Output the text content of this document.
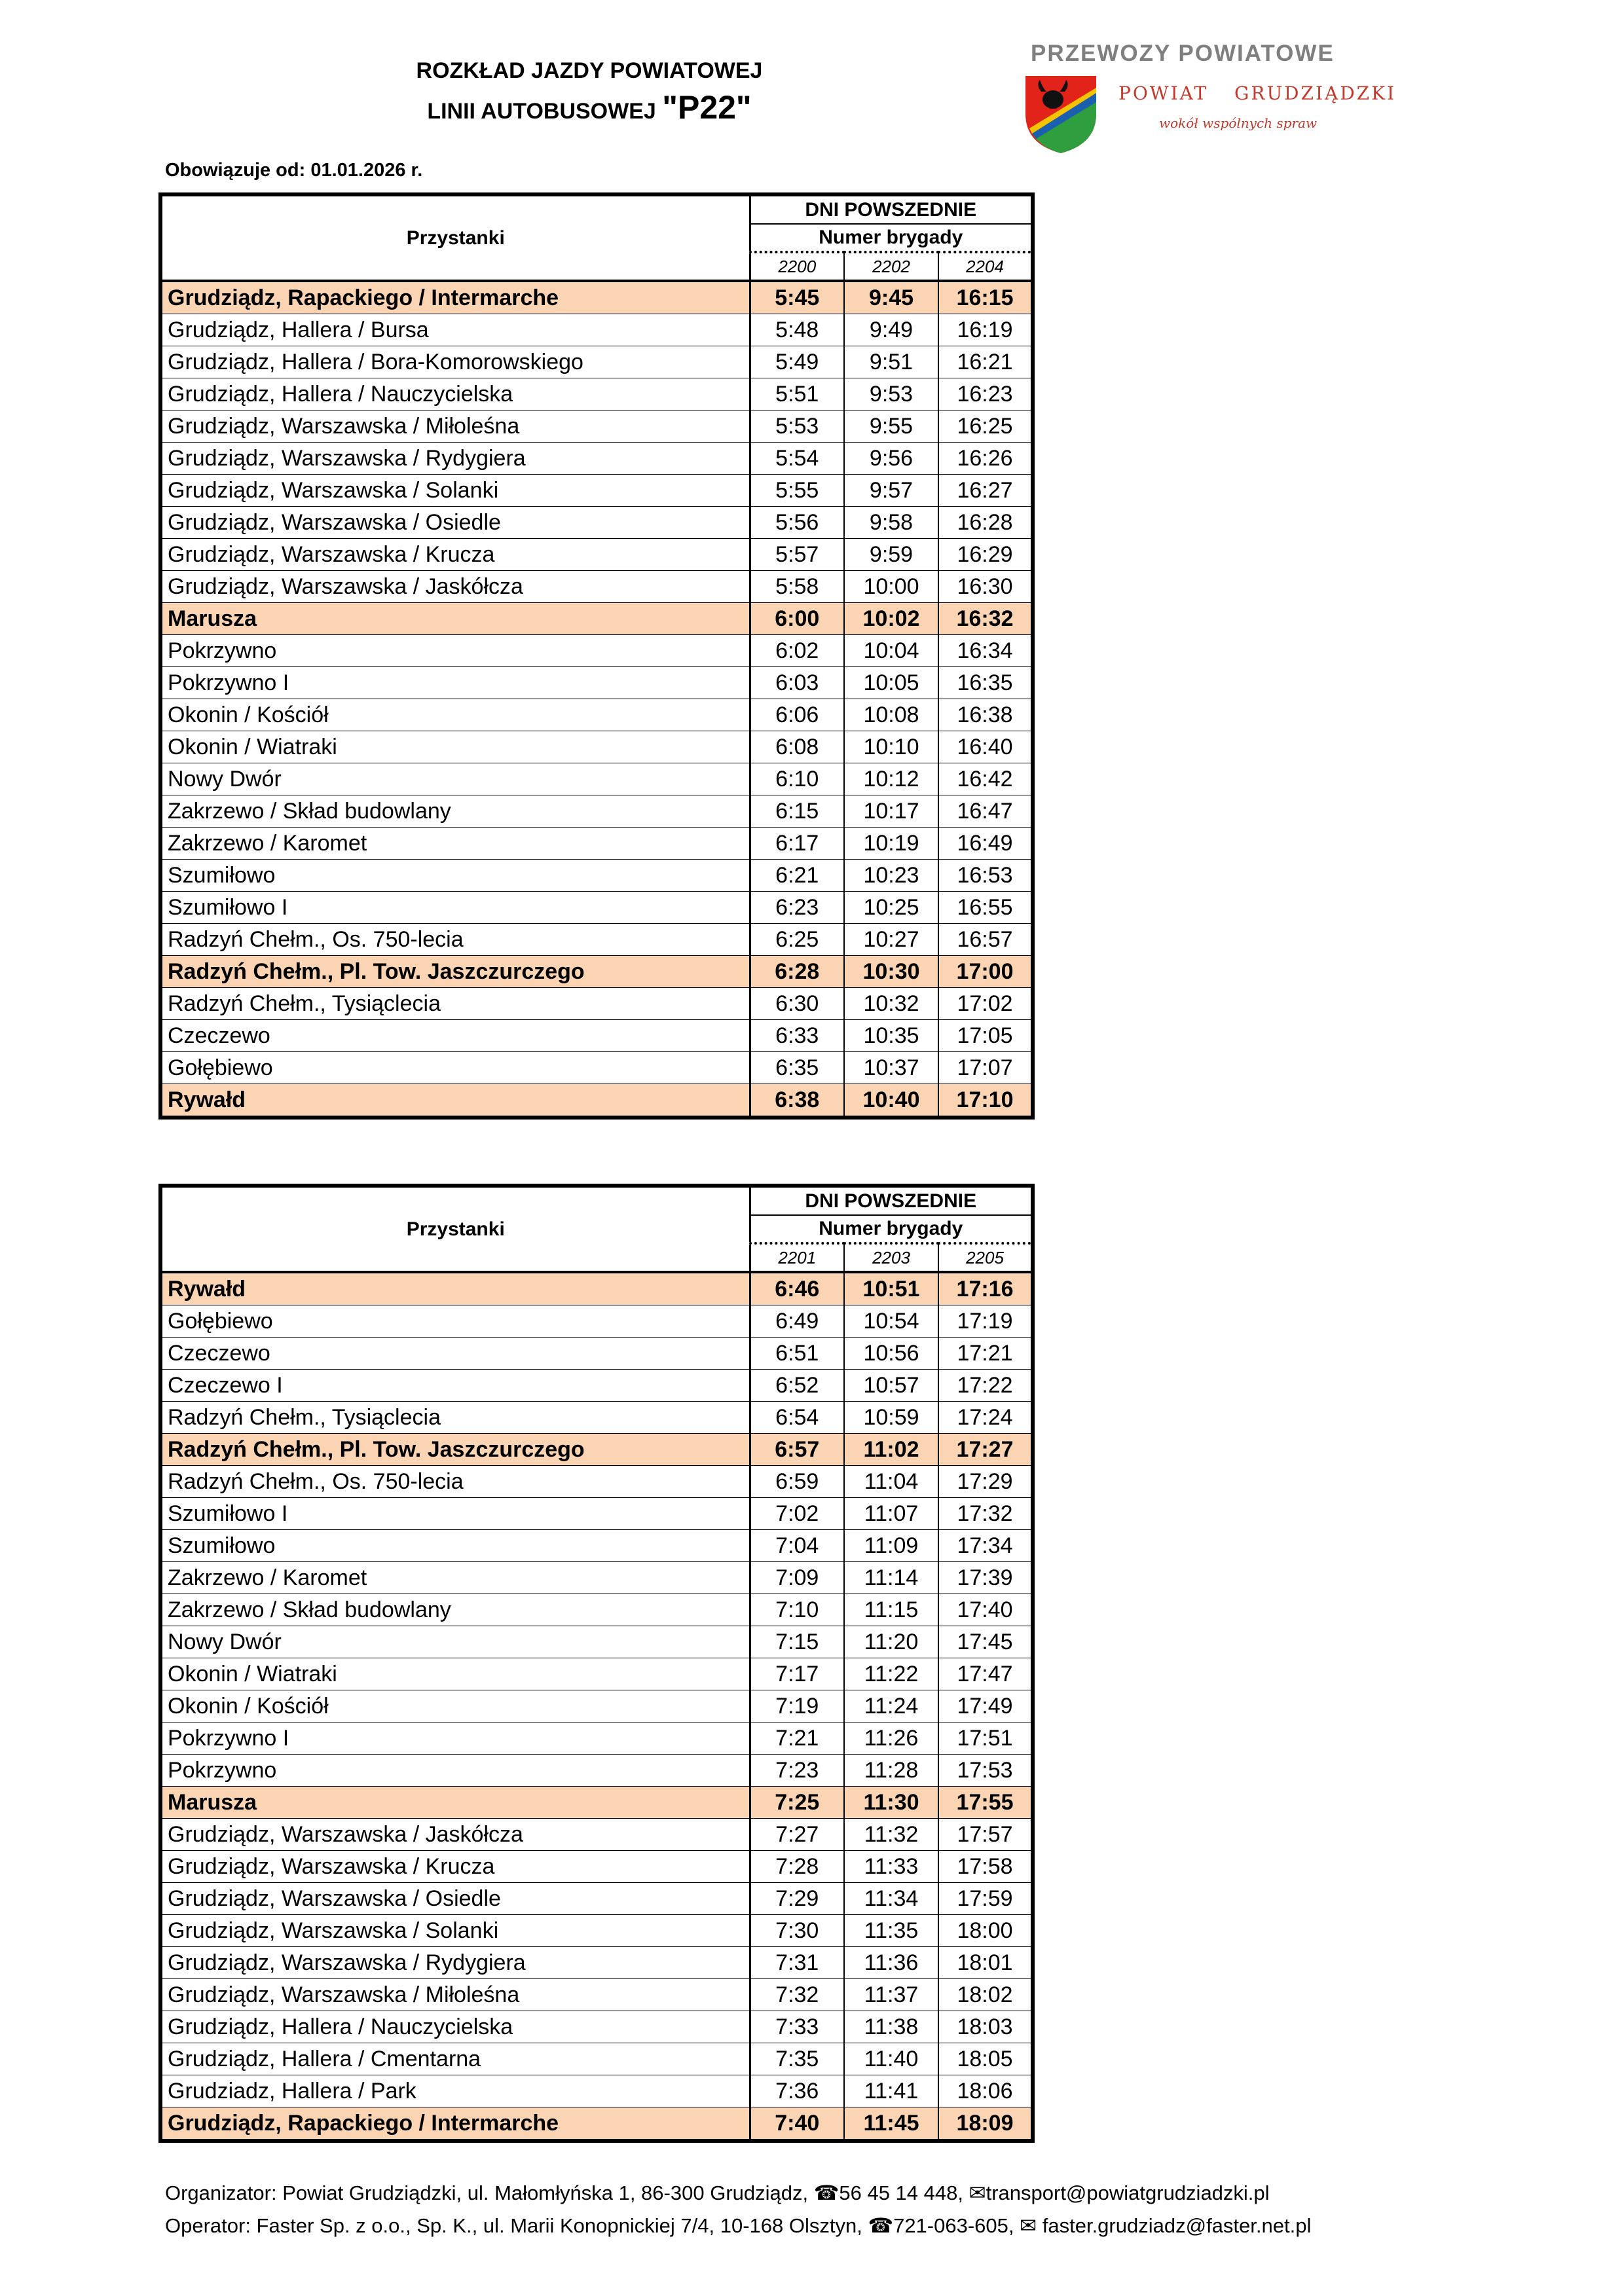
ROZKŁAD JAZDY POWIATOWEJ
LINII AUTOBUSOWEJ "P22"
PRZEWOZY POWIATOWE
POWIAT GRUDZIĄDZKI
wokół wspólnych spraw
Obowiązuje od: 01.01.2026 r.
Przystanki	DNI POWSZEDNIE		
	Numer brygady		
	2200	2202	2204
Grudziądz, Rapackiego / Intermarche	5:45	9:45	16:15
Grudziądz, Hallera / Bursa	5:48	9:49	16:19
Grudziądz, Hallera / Bora-Komorowskiego	5:49	9:51	16:21
Grudziądz, Hallera / Nauczycielska	5:51	9:53	16:23
Grudziądz, Warszawska / Miłoleśna	5:53	9:55	16:25
Grudziądz, Warszawska / Rydygiera	5:54	9:56	16:26
Grudziądz, Warszawska / Solanki	5:55	9:57	16:27
Grudziądz, Warszawska / Osiedle	5:56	9:58	16:28
Grudziądz, Warszawska / Krucza	5:57	9:59	16:29
Grudziądz, Warszawska / Jaskółcza	5:58	10:00	16:30
Marusza	6:00	10:02	16:32
Pokrzywno	6:02	10:04	16:34
Pokrzywno I	6:03	10:05	16:35
Okonin / Kościół	6:06	10:08	16:38
Okonin / Wiatraki	6:08	10:10	16:40
Nowy Dwór	6:10	10:12	16:42
Zakrzewo / Skład budowlany	6:15	10:17	16:47
Zakrzewo / Karomet	6:17	10:19	16:49
Szumiłowo	6:21	10:23	16:53
Szumiłowo I	6:23	10:25	16:55
Radzyń Chełm., Os. 750-lecia	6:25	10:27	16:57
Radzyń Chełm., Pl. Tow. Jaszczurczego	6:28	10:30	17:00
Radzyń Chełm., Tysiąclecia	6:30	10:32	17:02
Czeczewo	6:33	10:35	17:05
Gołębiewo	6:35	10:37	17:07
Rywałd	6:38	10:40	17:10
Przystanki	DNI POWSZEDNIE		
	Numer brygady		
	2201	2203	2205
Rywałd	6:46	10:51	17:16
Gołębiewo	6:49	10:54	17:19
Czeczewo	6:51	10:56	17:21
Czeczewo I	6:52	10:57	17:22
Radzyń Chełm., Tysiąclecia	6:54	10:59	17:24
Radzyń Chełm., Pl. Tow. Jaszczurczego	6:57	11:02	17:27
Radzyń Chełm., Os. 750-lecia	6:59	11:04	17:29
Szumiłowo I	7:02	11:07	17:32
Szumiłowo	7:04	11:09	17:34
Zakrzewo / Karomet	7:09	11:14	17:39
Zakrzewo / Skład budowlany	7:10	11:15	17:40
Nowy Dwór	7:15	11:20	17:45
Okonin / Wiatraki	7:17	11:22	17:47
Okonin / Kościół	7:19	11:24	17:49
Pokrzywno I	7:21	11:26	17:51
Pokrzywno	7:23	11:28	17:53
Marusza	7:25	11:30	17:55
Grudziądz, Warszawska / Jaskółcza	7:27	11:32	17:57
Grudziądz, Warszawska / Krucza	7:28	11:33	17:58
Grudziądz, Warszawska / Osiedle	7:29	11:34	17:59
Grudziądz, Warszawska / Solanki	7:30	11:35	18:00
Grudziądz, Warszawska / Rydygiera	7:31	11:36	18:01
Grudziądz, Warszawska / Miłoleśna	7:32	11:37	18:02
Grudziądz, Hallera / Nauczycielska	7:33	11:38	18:03
Grudziądz, Hallera / Cmentarna	7:35	11:40	18:05
Grudziadz, Hallera / Park	7:36	11:41	18:06
Grudziądz, Rapackiego / Intermarche	7:40	11:45	18:09
Organizator: Powiat Grudziądzki, ul. Małomłyńska 1, 86-300 Grudziądz, ☎56 45 14 448, ✉transport@powiatgrudziadzki.pl
Operator: Faster Sp. z o.o., Sp. K., ul. Marii Konopnickiej 7/4, 10-168 Olsztyn, ☎721-063-605, ✉ faster.grudziadz@faster.net.pl
